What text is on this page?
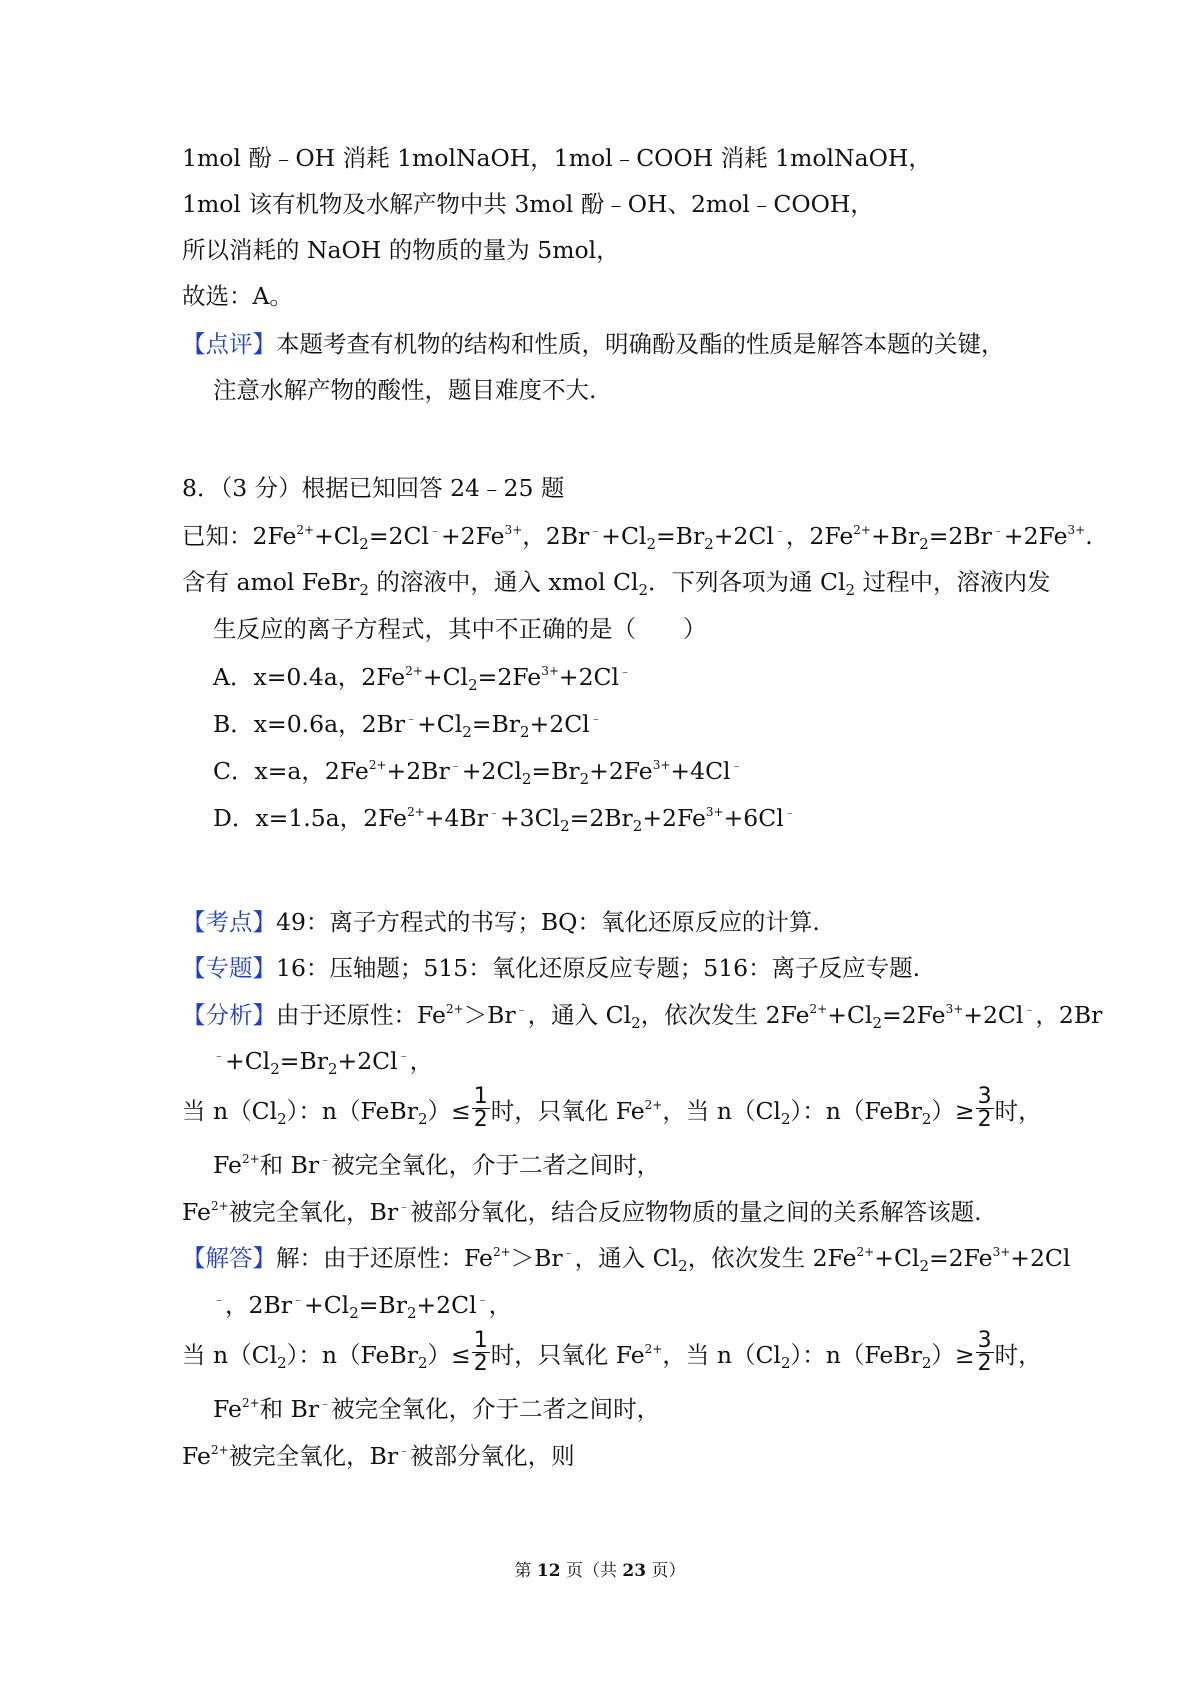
1mol 酚﹣OH 消耗 1molNaOH，1mol﹣COOH 消耗 1molNaOH，
1mol 该有机物及水解产物中共 3mol 酚﹣OH、2mol﹣COOH，
所以消耗的 NaOH 的物质的量为 5mol，
故选：A。
【点评】本题考查有机物的结构和性质，明确酚及酯的性质是解答本题的关键，
注意水解产物的酸性，题目难度不大.
8．（3 分）根据已知回答 24﹣25 题
已知：$2Fe^{2+}+Cl_2=2Cl^﹣+2Fe^{3+}$，$2Br^﹣+Cl_2=Br_2+2Cl^﹣$，$2Fe^{2+}+Br_2=2Br^﹣+2Fe^{3+}$.
含有 amol FeBr$_2$ 的溶液中，通入 xmol $Cl_2$．下列各项为通 $Cl_2$ 过程中，溶液内发
生反应的离子方程式，其中不正确的是（　　）
A．x=0.4a，$2Fe^{2+}+Cl_2=2Fe^{3+}+2Cl^﹣$
B．x=0.6a，$2Br^﹣+Cl_2=Br_2+2Cl^﹣$
C．x=a，$2Fe^{2+}+2Br^﹣+2Cl_2=Br_2+2Fe^{3+}+4Cl^﹣$
D．x=1.5a，$2Fe^{2+}+4Br^﹣+3Cl_2=2Br_2+2Fe^{3+}+6Cl^﹣$
【考点】49：离子方程式的书写；BQ：氧化还原反应的计算.
【专题】16：压轴题；515：氧化还原反应专题；516：离子反应专题.
【分析】由于还原性：$Fe^{2+}>Br^﹣$，通入 $Cl_2$，依次发生 $2Fe^{2+}+Cl_2=2Fe^{3+}+2Cl^﹣$，2Br
$^﹣+Cl_2=Br_2+2Cl^﹣$，
当 $n(Cl_2)$：n（FeBr$_2$）≤ $\frac{1}{2}$ 时，只氧化 $Fe^{2+}$，当 $n(Cl_2)$：n（FeBr$_2$）≥ $\frac{3}{2}$ 时，
$Fe^{2+}$和 Br﹣被完全氧化，介于二者之间时，
$Fe^{2+}$被完全氧化，Br﹣被部分氧化，结合反应物物质的量之间的关系解答该题.
【解答】解：由于还原性：$Fe^{2+}>Br^﹣$，通入 $Cl_2$，依次发生 $2Fe^{2+}+Cl_2=2Fe^{3+}+2Cl$
﹣，$2Br^﹣+Cl_2=Br_2+2Cl^﹣$，
当 $n(Cl_2)$：n（FeBr$_2$）≤ $\frac{1}{2}$ 时，只氧化 $Fe^{2+}$，当 $n(Cl_2)$：n（FeBr$_2$）≥ $\frac{3}{2}$ 时，
$Fe^{2+}$和 Br﹣被完全氧化，介于二者之间时，
$Fe^{2+}$被完全氧化，Br﹣被部分氧化，则
第 12 页（共 23 页）
